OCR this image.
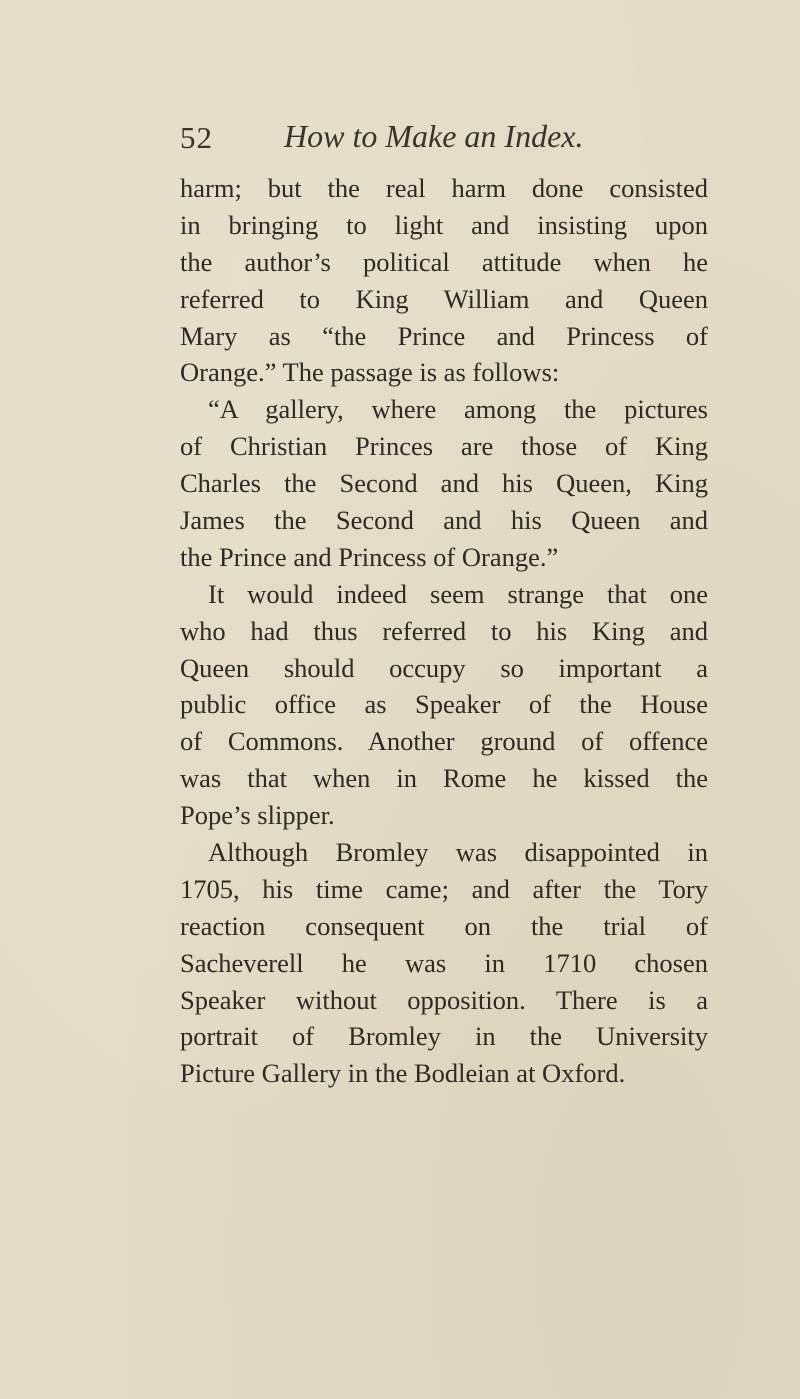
52 How to Make an Index.
harm; but the real harm done consisted
in bringing to light and insisting upon
the author’s political attitude when he
referred to King William and Queen
Mary as “the Prince and Princess of
Orange.” The passage is as follows:
“A gallery, where among the pictures
of Christian Princes are those of King
Charles the Second and his Queen, King
James the Second and his Queen and
the Prince and Princess of Orange.”
It would indeed seem strange that one
who had thus referred to his King and
Queen should occupy so important a
public office as Speaker of the House
of Commons. Another ground of offence
was that when in Rome he kissed the
Pope’s slipper.
Although Bromley was disappointed in
1705, his time came; and after the Tory
reaction consequent on the trial of
Sacheverell he was in 1710 chosen
Speaker without opposition. There is a
portrait of Bromley in the University
Picture Gallery in the Bodleian at Oxford.
